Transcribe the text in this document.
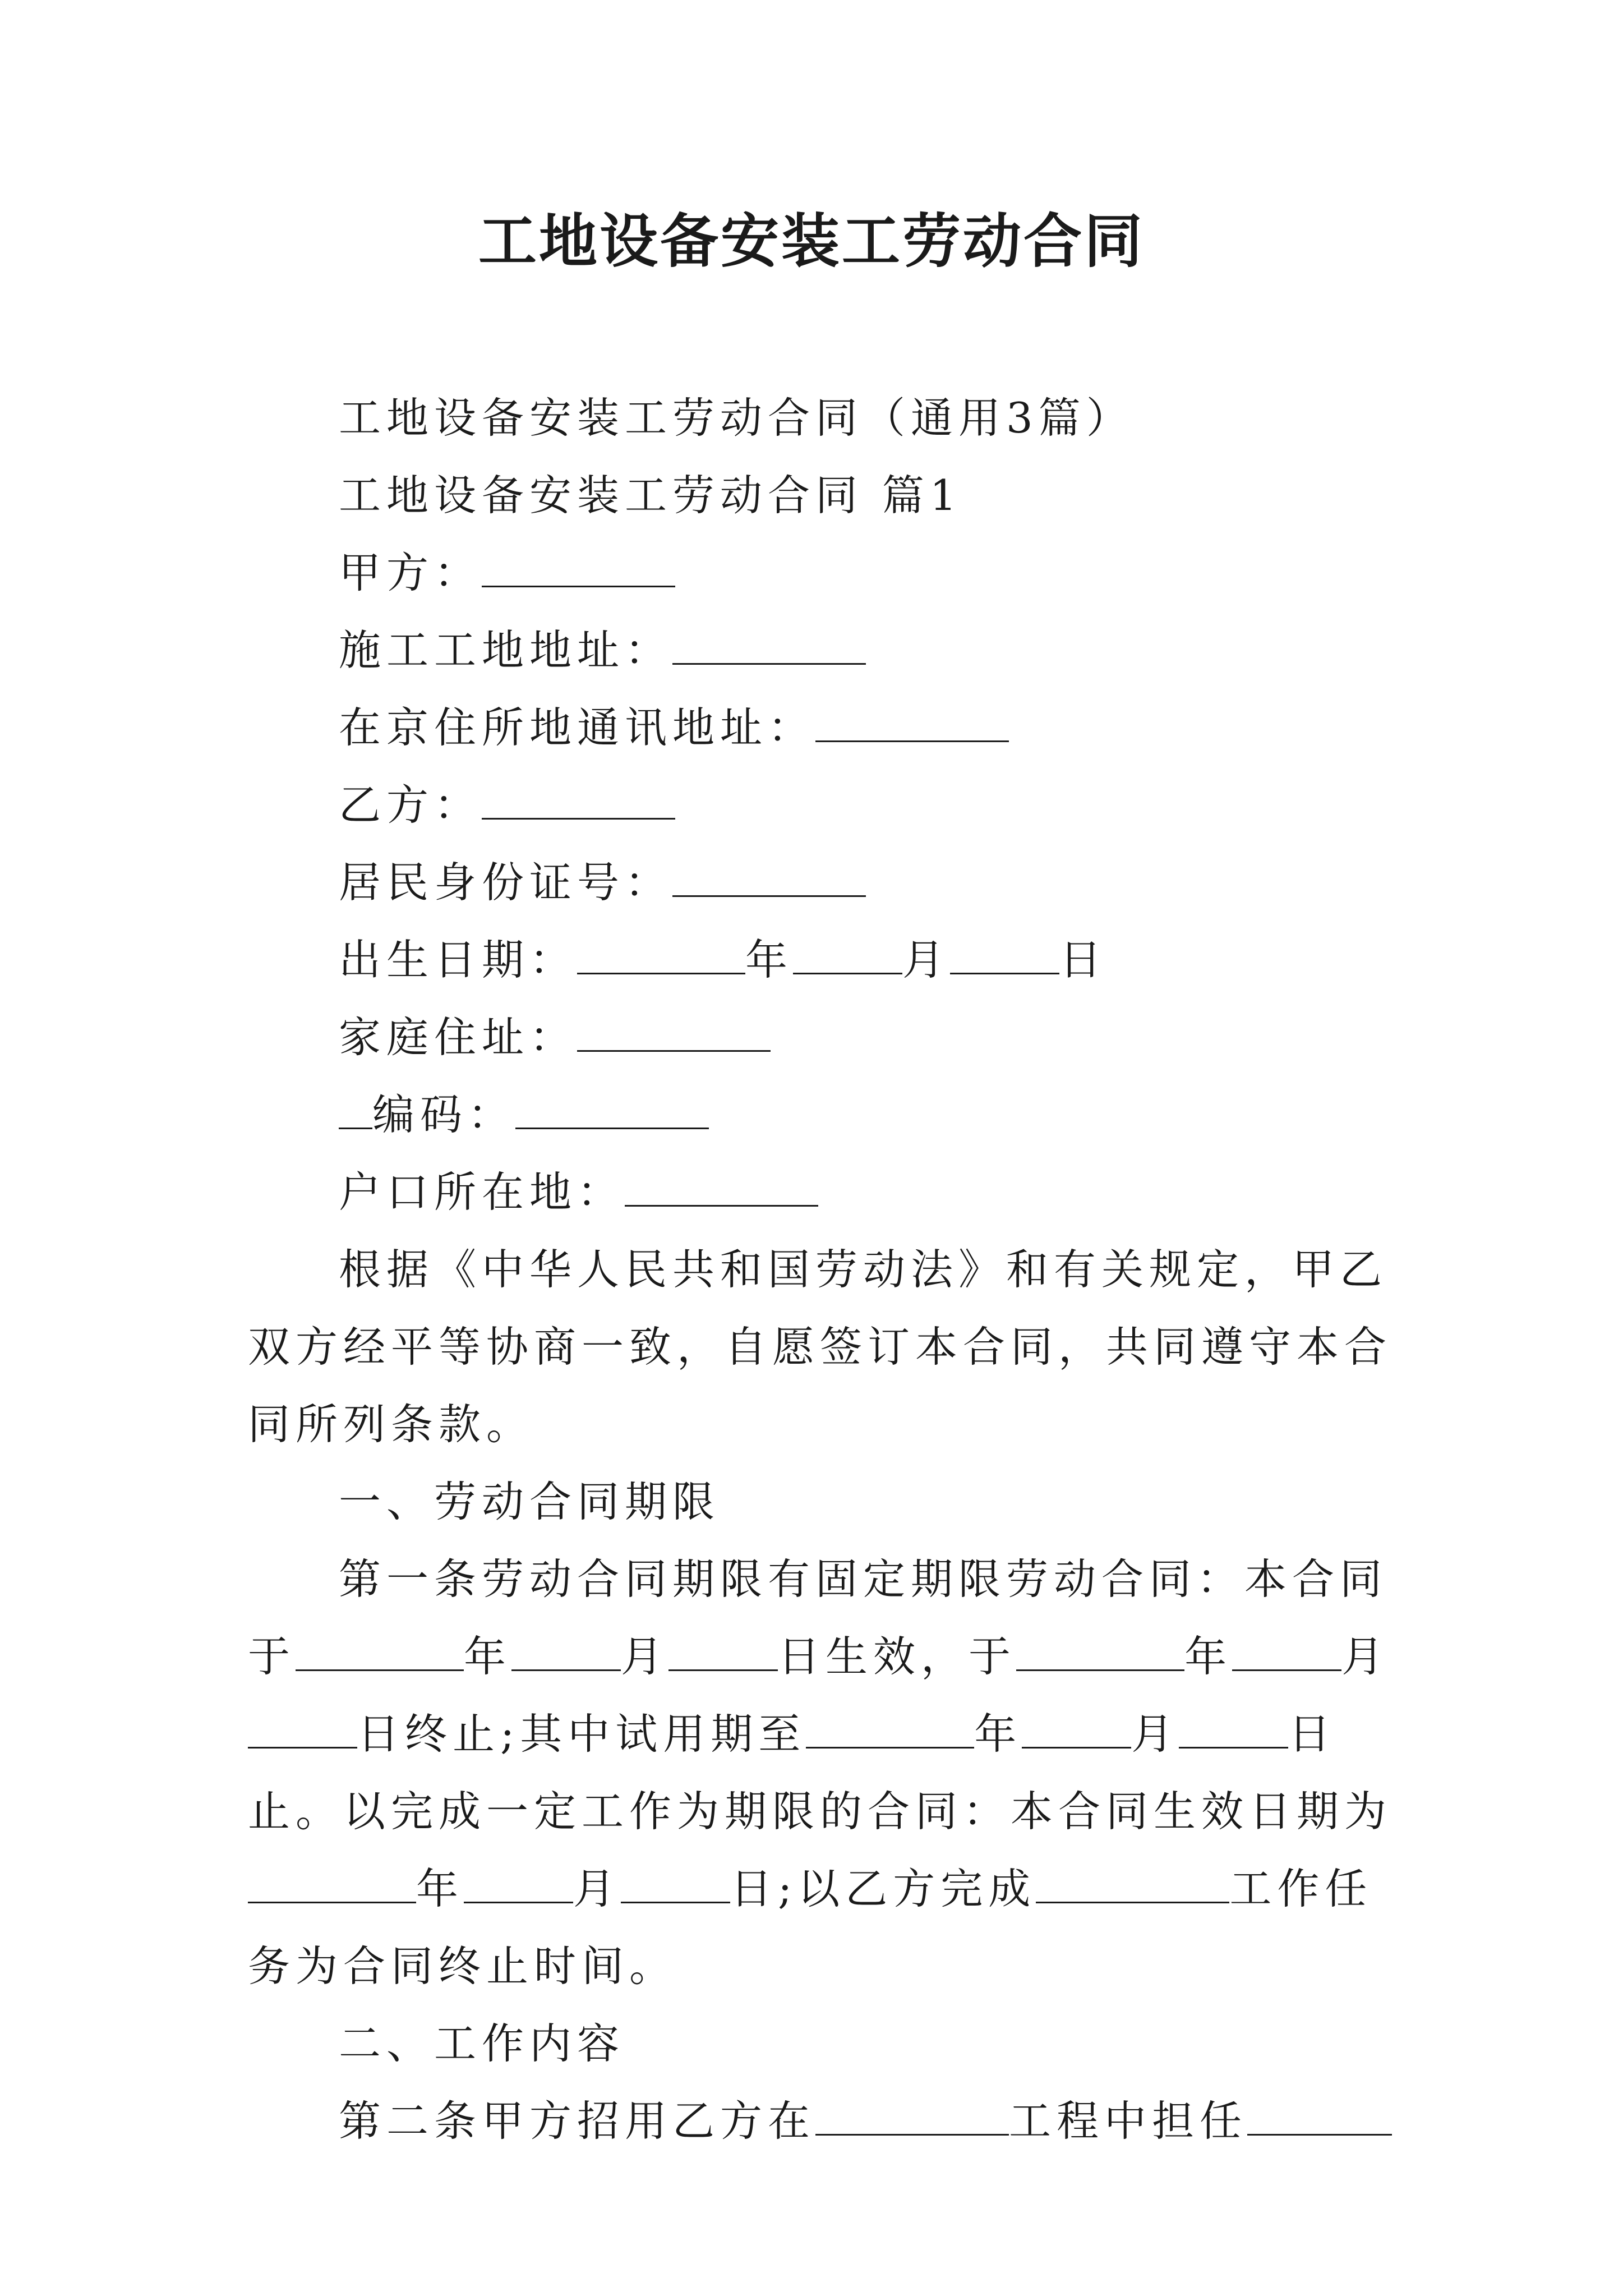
工地设备安装工劳动合同
工地设备安装工劳动合同（通用3篇）
工地设备安装工劳动合同 篇1
甲方：
施工工地地址：
在京住所地通讯地址：
乙方：
居民身份证号：
出生日期：	年	月	日
家庭住址：
编码：
户口所在地：

根据《中华人民共和国劳动法》和有关规定，甲乙双方经平等协商一致，自愿签订本合同，共同遵守本合同所列条款。

一、劳动合同期限

第一条劳动合同期限有固定期限劳动合同：本合同于	年	月	日生效，于	年	月日终止;其中试用期至	年	月	日止。以完成一定工作为期限的合同：本合同生效日期为年	月	日;以乙方完成	工作任务为合同终止时间。

二、工作内容
第二条甲方招用乙方在	工程中担任
